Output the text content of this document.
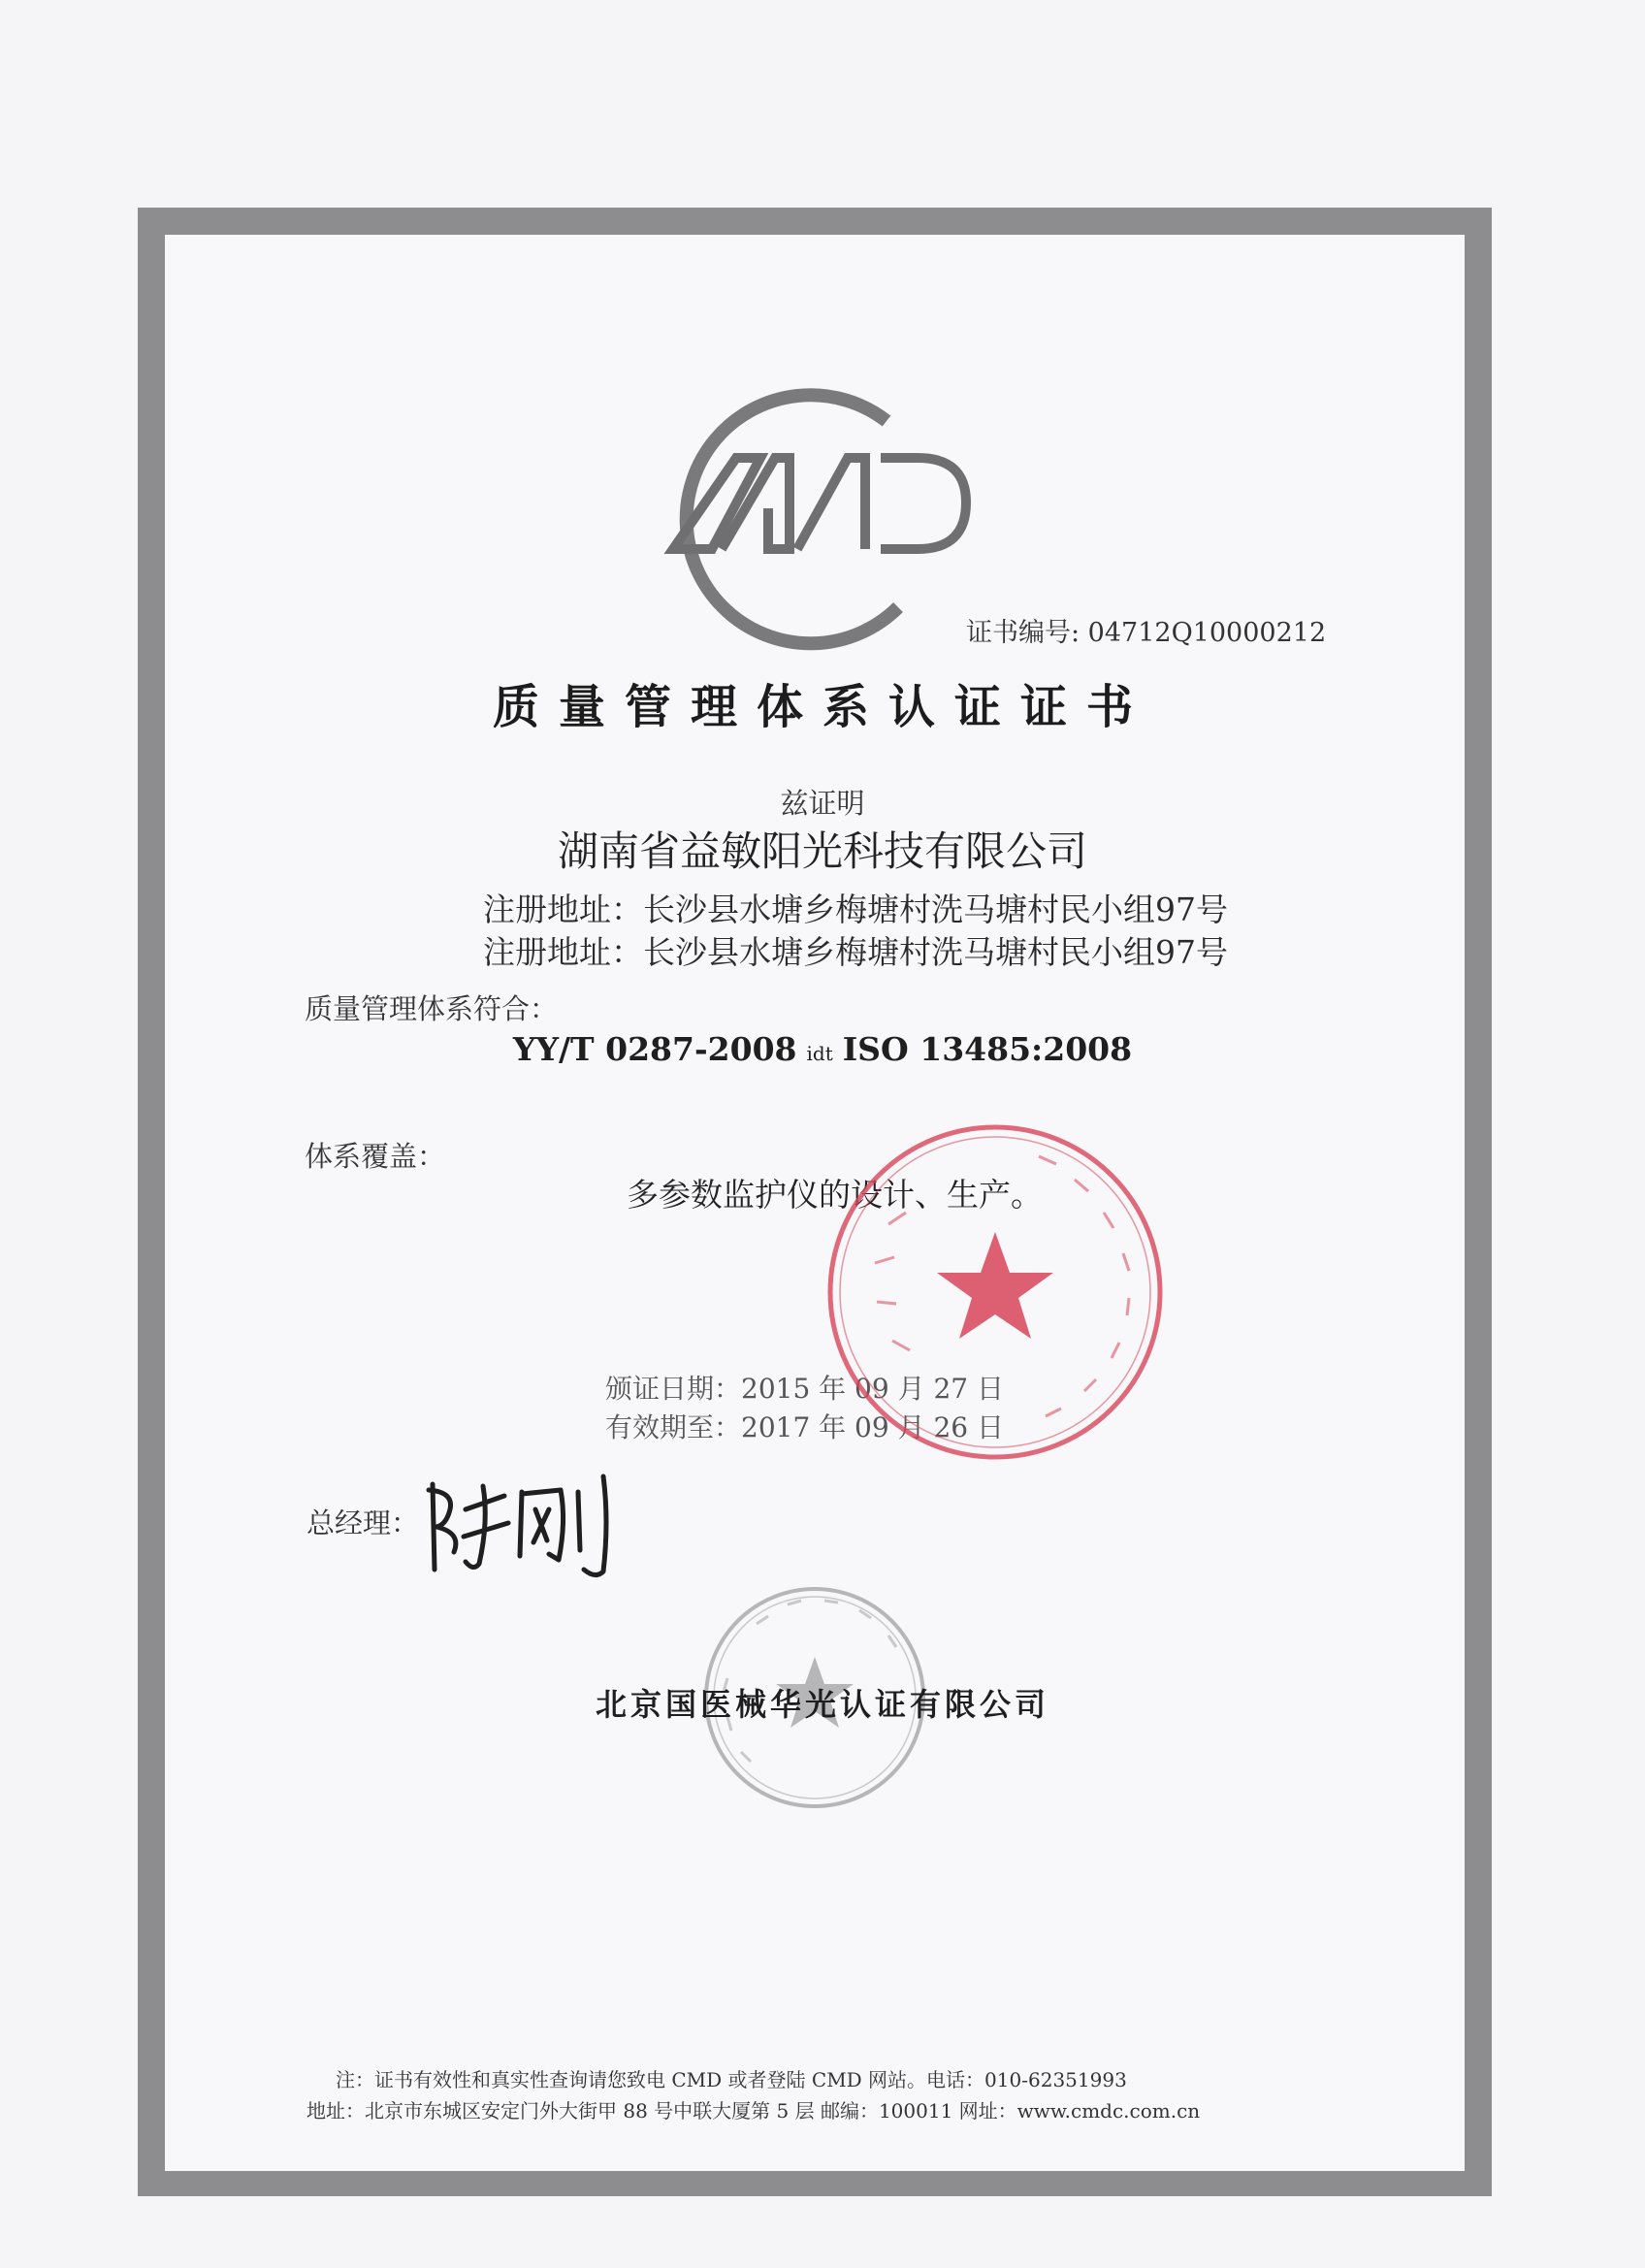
证书编号: 04712Q10000212
质量管理体系认证证书
兹证明
湖南省益敏阳光科技有限公司
注册地址：长沙县水塘乡梅塘村洗马塘村民小组97号
注册地址：长沙县水塘乡梅塘村洗马塘村民小组97号
质量管理体系符合：
YY/T 0287-2008 idt ISO 13485:2008
体系覆盖：
多参数监护仪的设计、生产。
颁证日期：2015 年 09 月 27 日
有效期至：2017 年 09 月 26 日
总经理：
北京国医械华光认证有限公司
注：证书有效性和真实性查询请您致电 CMD 或者登陆 CMD 网站。电话：010-62351993
地址：北京市东城区安定门外大街甲 88 号中联大厦第 5 层 邮编：100011 网址：www.cmdc.com.cn
